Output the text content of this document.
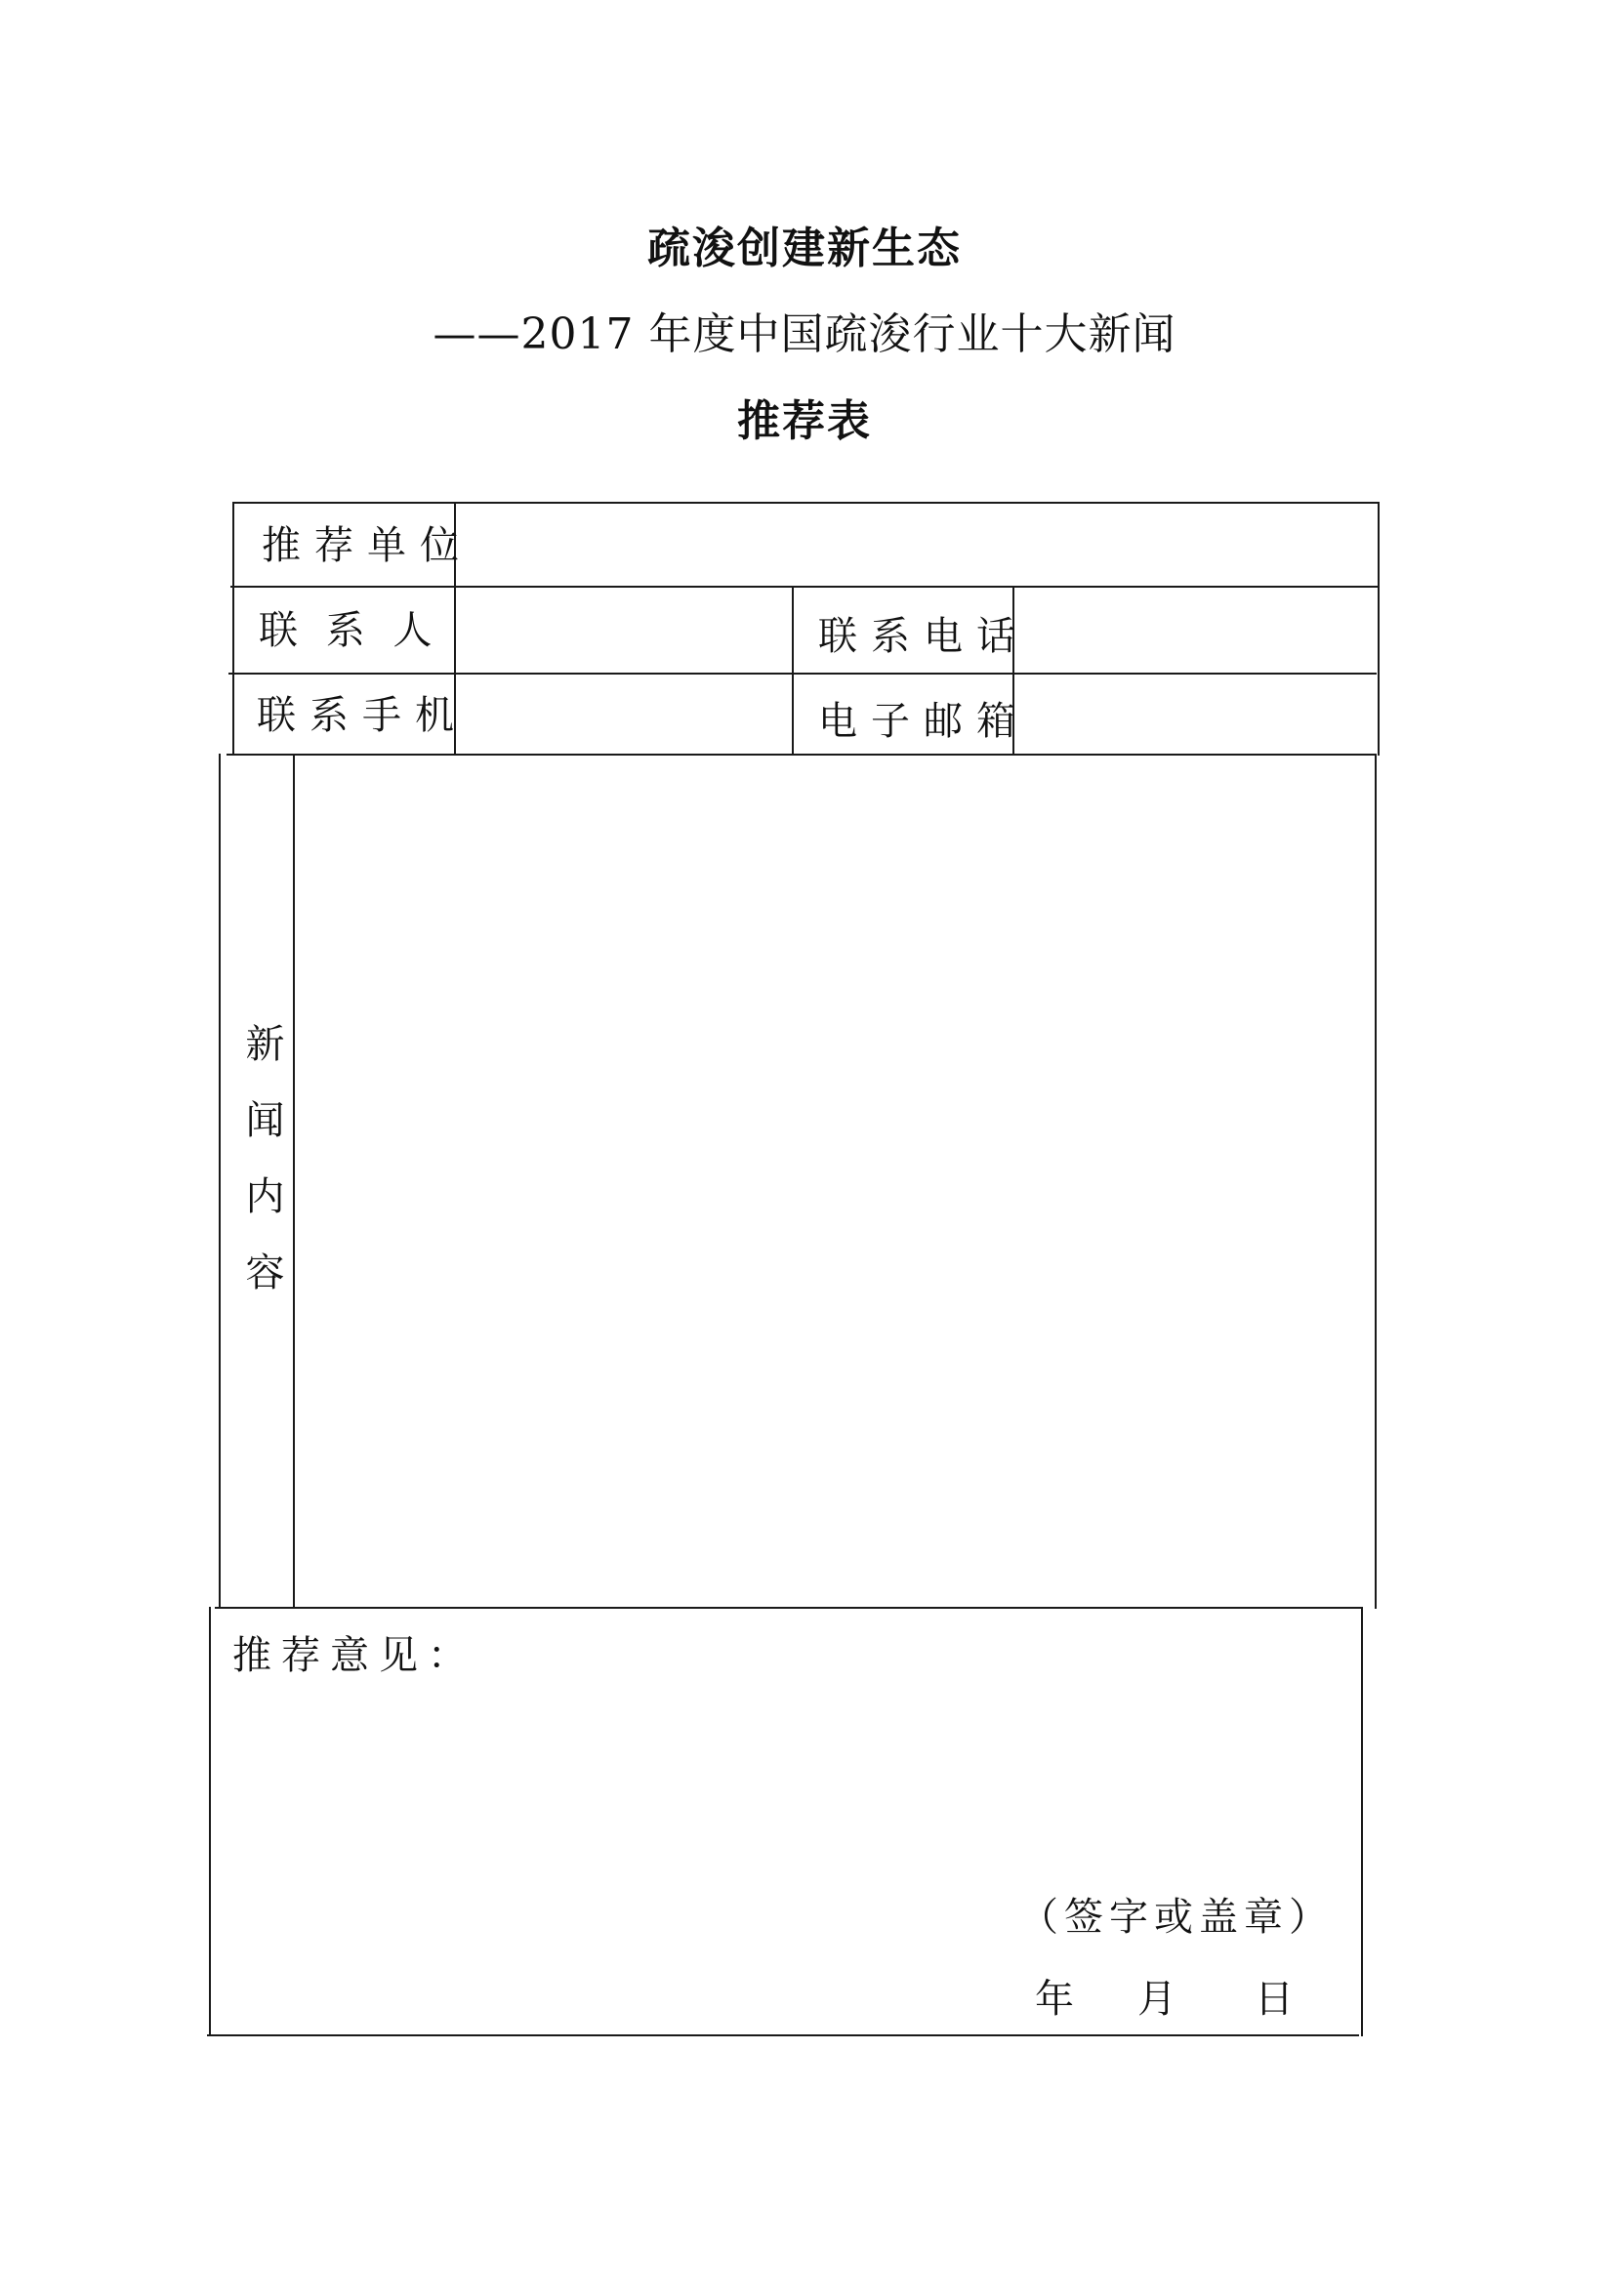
疏浚创建新生态
——2017 年度中国疏浚行业十大新闻
推荐表
推荐单位
联 系 人	联系电话
联系手机	电子邮箱
新闻内容
推荐意见：
（签字或盖章）
年 月 日
